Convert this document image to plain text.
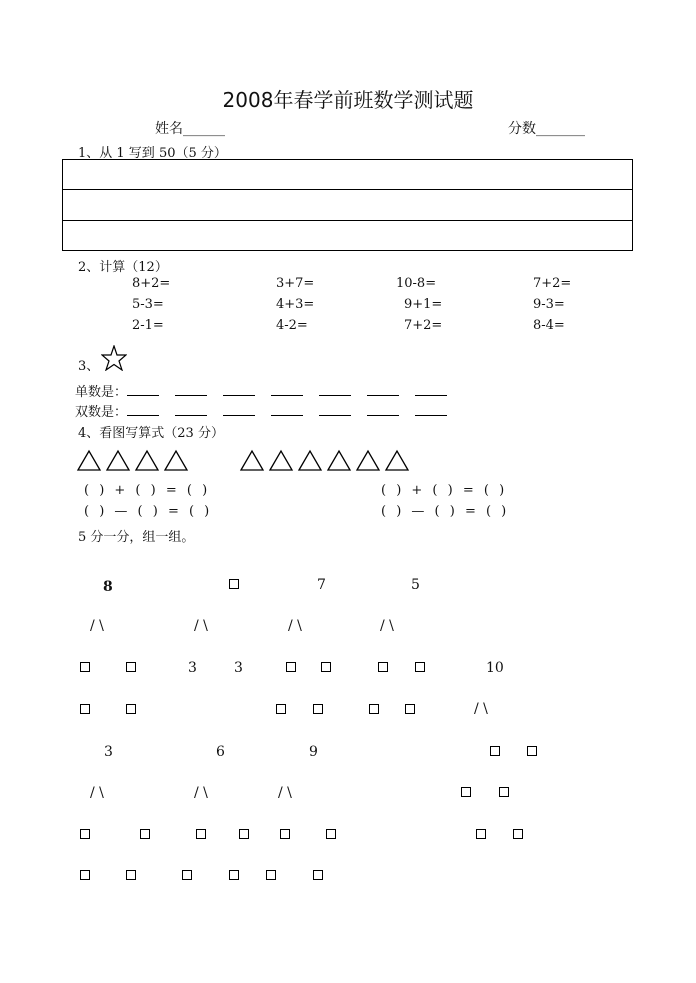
2008年春学前班数学测试题
姓名______	分数_______
1、从 1 写到 50（5 分）
2、计算（12）
8+2=	3+7=	10-8=	7+2=
5-3=	4+3=	9+1=	9-3=
2-1=	4-2=	7+2=	8-4=
3、
单数是：
双数是：
4、看图写算式（23 分）
( ) + ( ) = ( )
( ) — ( ) = ( )
( ) + ( ) = ( )
( ) — ( ) = ( )
5 分一分，组一组。
8	7	5
/ \	/ \	/ \	/ \
3	3	10
/ \
3	6	9
/ \	/ \	/ \
